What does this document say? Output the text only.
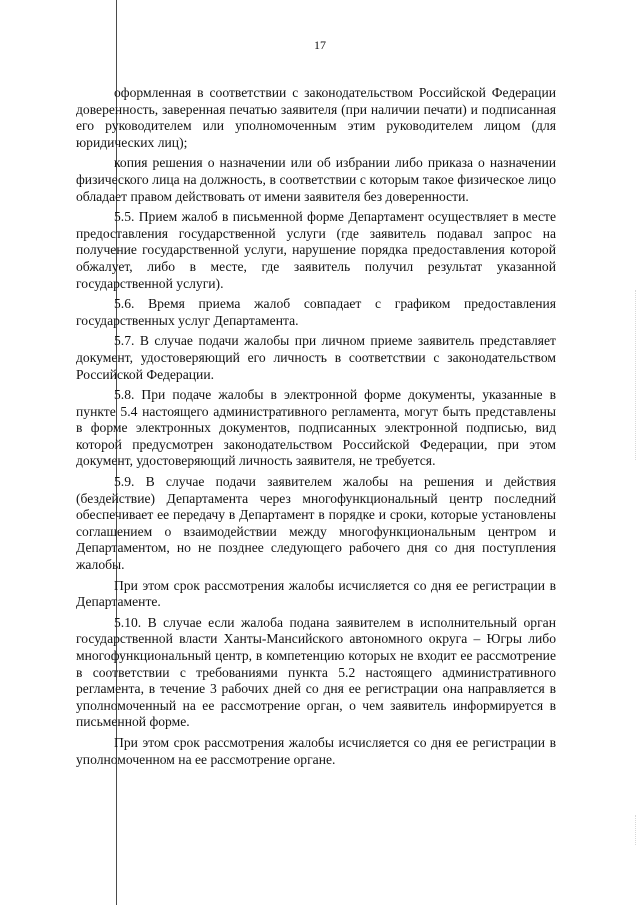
17

оформленная в соответствии с законодательством Российской Федерации доверенность, заверенная печатью заявителя (при наличии печати) и подписанная его руководителем или уполномоченным этим руководителем лицом (для юридических лиц);

копия решения о назначении или об избрании либо приказа о назначении физического лица на должность, в соответствии с которым такое физическое лицо обладает правом действовать от имени заявителя без доверенности.

5.5. Прием жалоб в письменной форме Департамент осуществляет в месте предоставления государственной услуги (где заявитель подавал запрос на получение государственной услуги, нарушение порядка предоставления которой обжалует, либо в месте, где заявитель получил результат указанной государственной услуги).

5.6. Время приема жалоб совпадает с графиком предоставления государственных услуг Департамента.

5.7. В случае подачи жалобы при личном приеме заявитель представляет документ, удостоверяющий его личность в соответствии с законодательством Российской Федерации.

5.8. При подаче жалобы в электронной форме документы, указанные в пункте 5.4 настоящего административного регламента, могут быть представлены в форме электронных документов, подписанных электронной подписью, вид которой предусмотрен законодательством Российской Федерации, при этом документ, удостоверяющий личность заявителя, не требуется.

5.9. В случае подачи заявителем жалобы на решения и действия (бездействие) Департамента через многофункциональный центр последний обеспечивает ее передачу в Департамент в порядке и сроки, которые установлены соглашением о взаимодействии между многофункциональным центром и Департаментом, но не позднее следующего рабочего дня со дня поступления жалобы.

При этом срок рассмотрения жалобы исчисляется со дня ее регистрации в Департаменте.

5.10. В случае если жалоба подана заявителем в исполнительный орган государственной власти Ханты-Мансийского автономного округа – Югры либо многофункциональный центр, в компетенцию которых не входит ее рассмотрение в соответствии с требованиями пункта 5.2 настоящего административного регламента, в течение 3 рабочих дней со дня ее регистрации она направляется в уполномоченный на ее рассмотрение орган, о чем заявитель информируется в письменной форме.

При этом срок рассмотрения жалобы исчисляется со дня ее регистрации в уполномоченном на ее рассмотрение органе.
